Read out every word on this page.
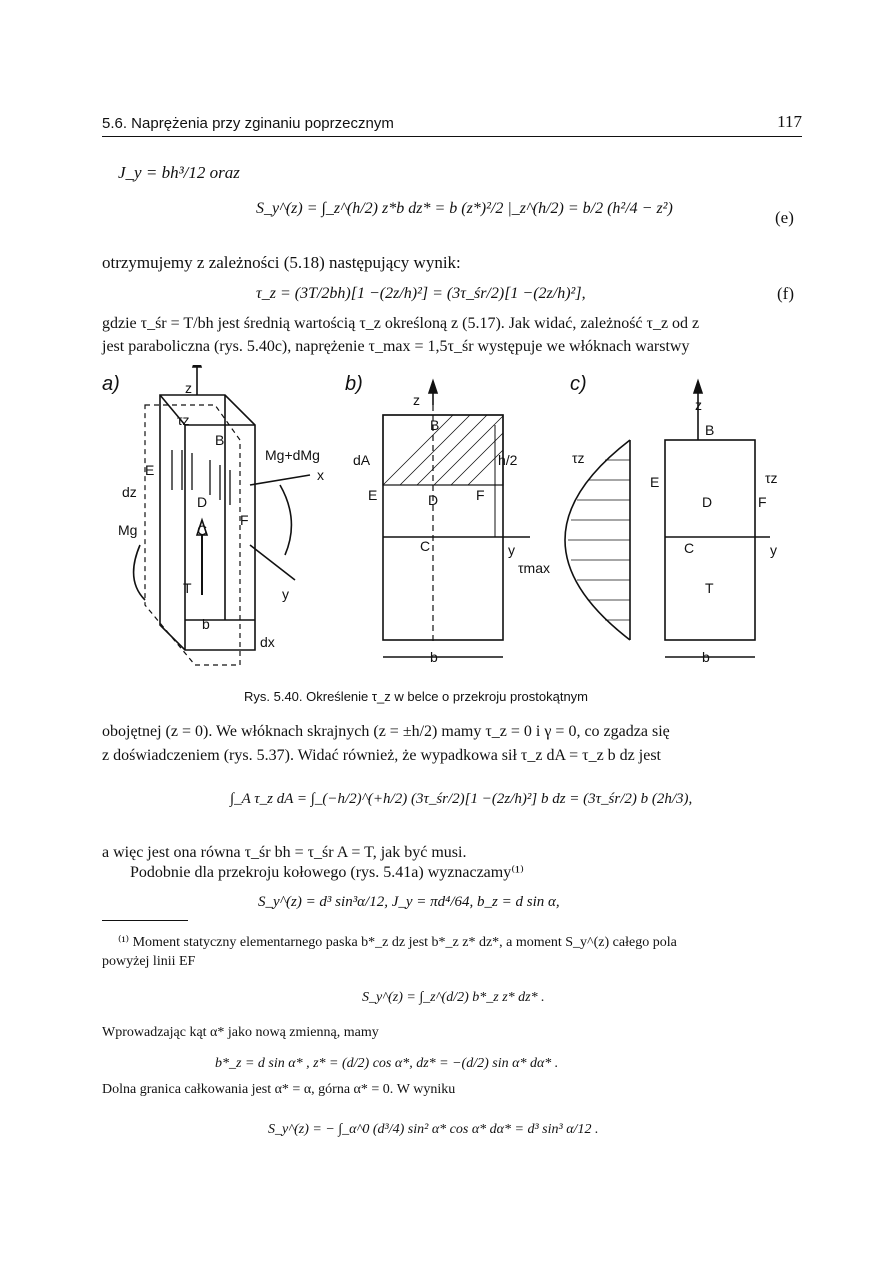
5.6. Naprężenia przy zginaniu poprzecznym	117
J_y = bh³/12 oraz
S_y^(z) = ∫_z^(h/2) z*b dz* = b (z*)²/2 |_z^(h/2) = b/2 (h²/4 − z²)	(e)
otrzymujemy z zależności (5.18) następujący wynik:
τ_z = (3T/2bh)[1 −(2z/h)²] = (3τ_śr/2)[1 −(2z/h)²],	(f)
gdzie τ_śr = T/bh jest średnią wartością τ_z określoną z (5.17). Jak widać, zależność τ_z od z
jest paraboliczna (rys. 5.40c), naprężenie τ_max = 1,5τ_śr występuje we włóknach warstwy
a)	b)	c)
z
B
E
dz
D
C
F
T	y
x
dx
b
τz
Mg
Mg+dMg
z
B
dA
E	D	F
C	y
h/2
b
τz
τmax
z
B
E
D	F
C
T
y
b
τz
Rys. 5.40. Określenie τ_z w belce o przekroju prostokątnym
obojętnej (z = 0). We włóknach skrajnych (z = ±h/2) mamy τ_z = 0 i γ = 0, co zgadza się
z doświadczeniem (rys. 5.37). Widać również, że wypadkowa sił τ_z dA = τ_z b dz jest
∫_A τ_z dA = ∫_(−h/2)^(+h/2) (3τ_śr/2)[1 −(2z/h)²] b dz = (3τ_śr/2) b (2h/3),
a więc jest ona równa τ_śr bh = τ_śr A = T, jak być musi.
Podobnie dla przekroju kołowego (rys. 5.41a) wyznaczamy⁽¹⁾
S_y^(z) = d³ sin³α/12, J_y = πd⁴/64, b_z = d sin α,
⁽¹⁾ Moment statyczny elementarnego paska b*_z dz jest b*_z z* dz*, a moment S_y^(z) całego pola
powyżej linii EF
S_y^(z) = ∫_z^(d/2) b*_z z* dz* .
Wprowadzając kąt α* jako nową zmienną, mamy
b*_z = d sin α* , z* = (d/2) cos α*, dz* = −(d/2) sin α* dα* .
Dolna granica całkowania jest α* = α, górna α* = 0. W wyniku
S_y^(z) = − ∫_α^0 (d³/4) sin² α* cos α* dα* = d³ sin³ α/12 .
